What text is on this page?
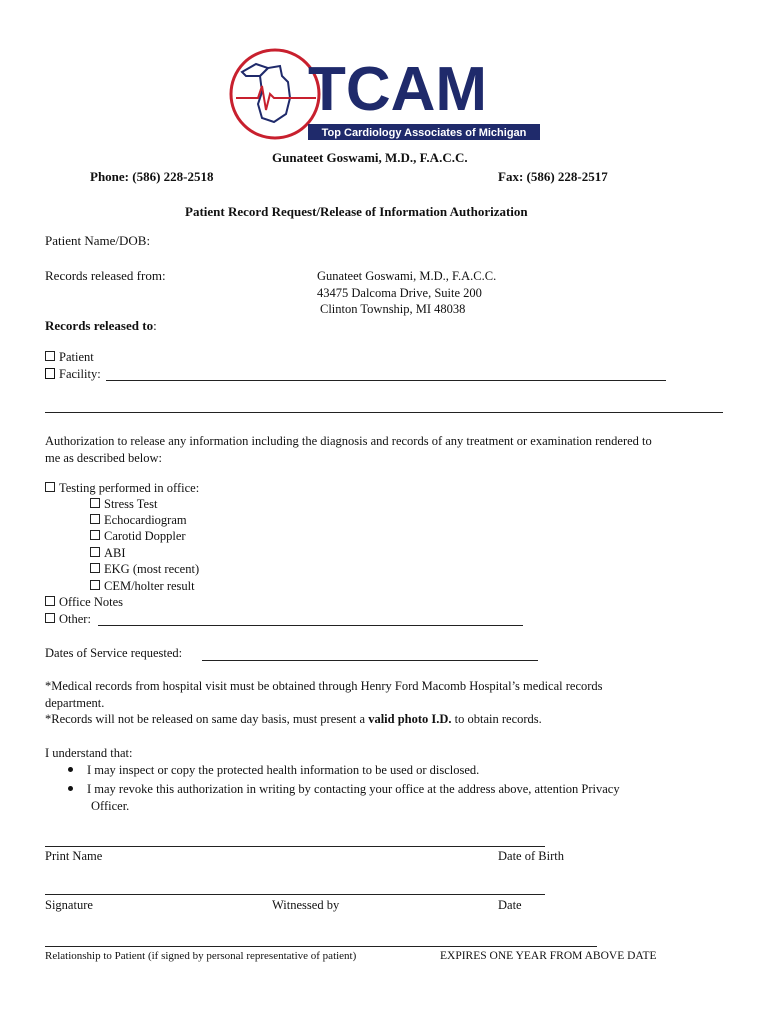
TCAM
Top Cardiology Associates of Michigan
Gunateet Goswami, M.D., F.A.C.C.
Phone: (586) 228-2518	Fax: (586) 228-2517
Patient Record Request/Release of Information Authorization
Patient Name/DOB:
Records released from:	Gunateet Goswami, M.D., F.A.C.C.
43475 Dalcoma Drive, Suite 200
Clinton Township, MI 48038
Records released to:
Patient
Facility:
Authorization to release any information including the diagnosis and records of any treatment or examination rendered to
me as described below:
Testing performed in office:
Stress Test
Echocardiogram
Carotid Doppler
ABI
EKG (most recent)
CEM/holter result
Office Notes
Other:
Dates of Service requested:
*Medical records from hospital visit must be obtained through Henry Ford Macomb Hospital’s medical records
department.
*Records will not be released on same day basis, must present a valid photo I.D. to obtain records.
I understand that:
I may inspect or copy the protected health information to be used or disclosed.
I may revoke this authorization in writing by contacting your office at the address above, attention Privacy
Officer.
Print Name	Date of Birth
Signature	Witnessed by	Date
Relationship to Patient (if signed by personal representative of patient)	EXPIRES ONE YEAR FROM ABOVE DATE
